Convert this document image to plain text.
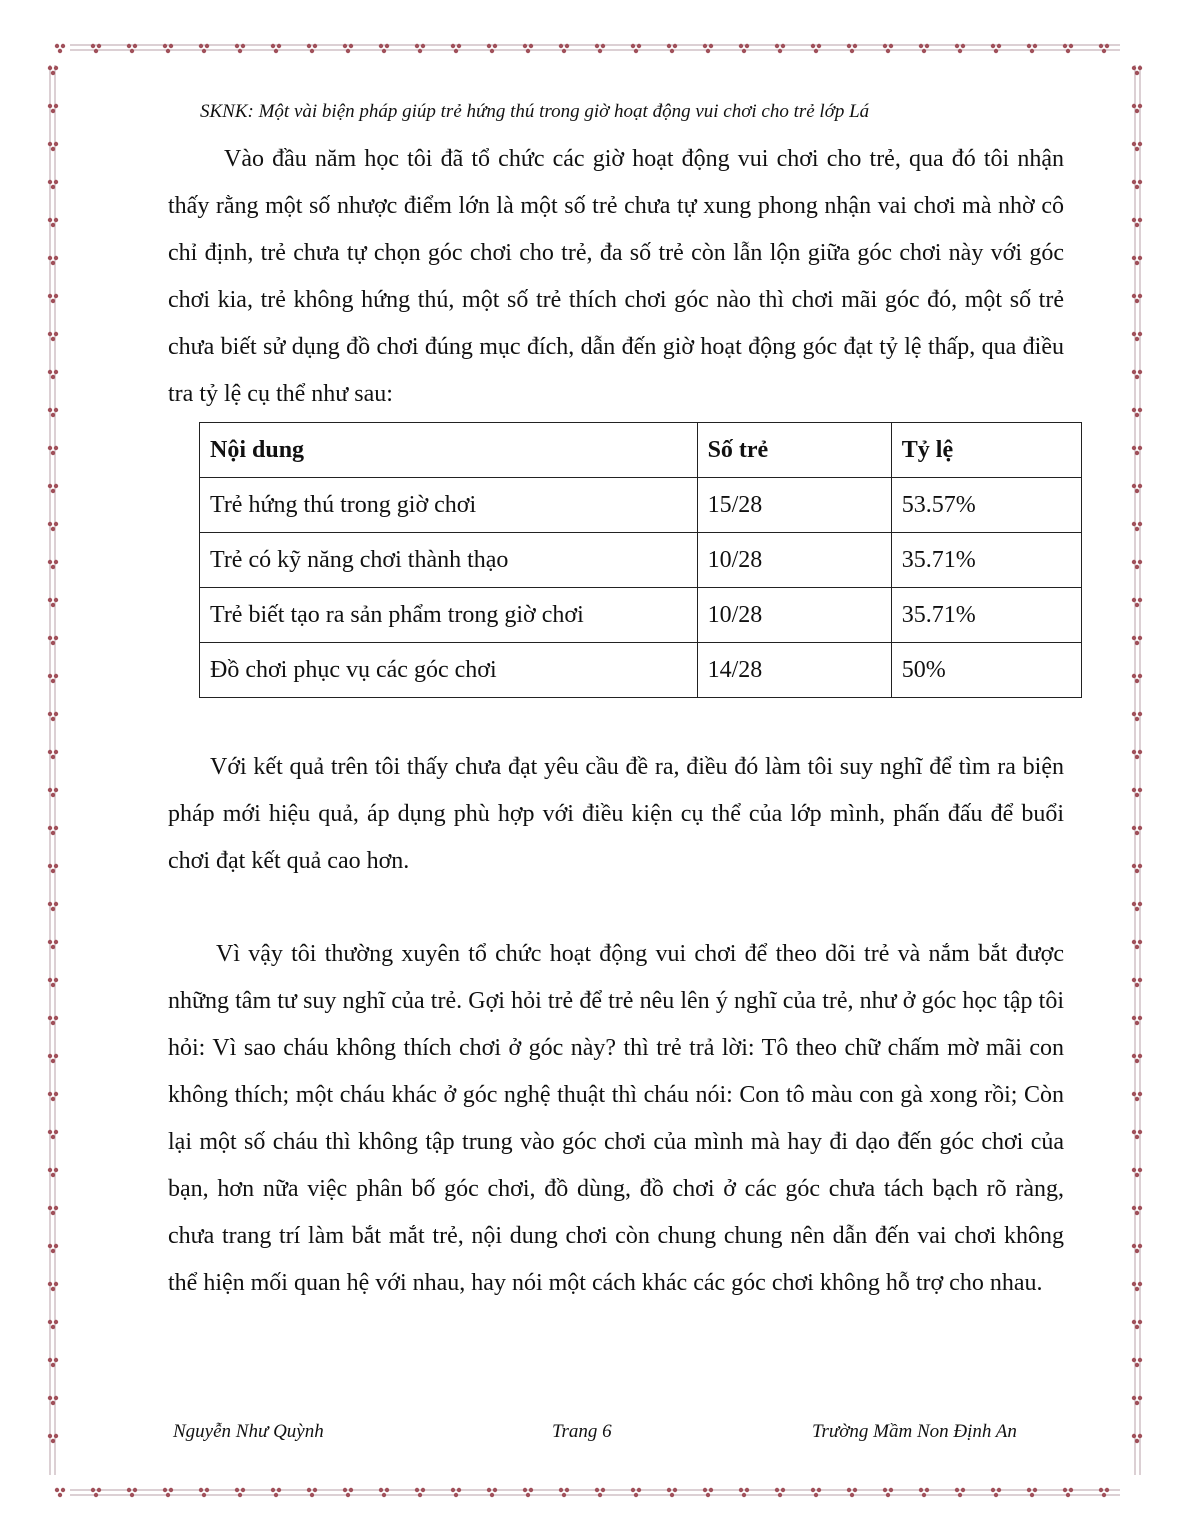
SKNK: Một vài biện pháp giúp trẻ hứng thú trong giờ hoạt động vui chơi cho trẻ lớp Lá

Vào đầu năm học tôi đã tổ chức các giờ hoạt động vui chơi cho trẻ, qua đó tôi nhận thấy rằng một số nhược điểm lớn là một số trẻ chưa tự xung phong nhận vai chơi mà nhờ cô chỉ định, trẻ chưa tự chọn góc chơi cho trẻ, đa số trẻ còn lẫn lộn giữa góc chơi này với góc chơi kia, trẻ không hứng thú, một số trẻ thích chơi góc nào thì chơi mãi góc đó, một số trẻ chưa biết sử dụng đồ chơi đúng mục đích, dẫn đến giờ hoạt động góc đạt tỷ lệ thấp, qua điều tra tỷ lệ cụ thể như sau:

Nội dung	Số trẻ	Tỷ lệ
Trẻ hứng thú trong giờ chơi	15/28	53.57%
Trẻ có kỹ năng chơi thành thạo	10/28	35.71%
Trẻ biết tạo ra sản phẩm trong giờ chơi	10/28	35.71%
Đồ chơi phục vụ các góc chơi	14/28	50%

Với kết quả trên tôi thấy chưa đạt yêu cầu đề ra, điều đó làm tôi suy nghĩ để tìm ra biện pháp mới hiệu quả, áp dụng phù hợp với điều kiện cụ thể của lớp mình, phấn đấu để buổi chơi đạt kết quả cao hơn.

Vì vậy tôi thường xuyên tổ chức hoạt động vui chơi để theo dõi trẻ và nắm bắt được những tâm tư suy nghĩ của trẻ. Gợi hỏi trẻ để trẻ nêu lên ý nghĩ của trẻ, như ở góc học tập tôi hỏi: Vì sao cháu không thích chơi ở góc này? thì trẻ trả lời: Tô theo chữ chấm mờ mãi con không thích; một cháu khác ở góc nghệ thuật thì cháu nói: Con tô màu con gà xong rồi; Còn lại một số cháu thì không tập trung vào góc chơi của mình mà hay đi dạo đến góc chơi của bạn, hơn nữa việc phân bố góc chơi, đồ dùng, đồ chơi ở các góc chưa tách bạch rõ ràng, chưa trang trí làm bắt mắt trẻ, nội dung chơi còn chung chung nên dẫn đến vai chơi không thể hiện mối quan hệ với nhau, hay nói một cách khác các góc chơi không hỗ trợ cho nhau.

Nguyễn Như Quỳnh	Trang 6	Trường Mầm Non Định An
